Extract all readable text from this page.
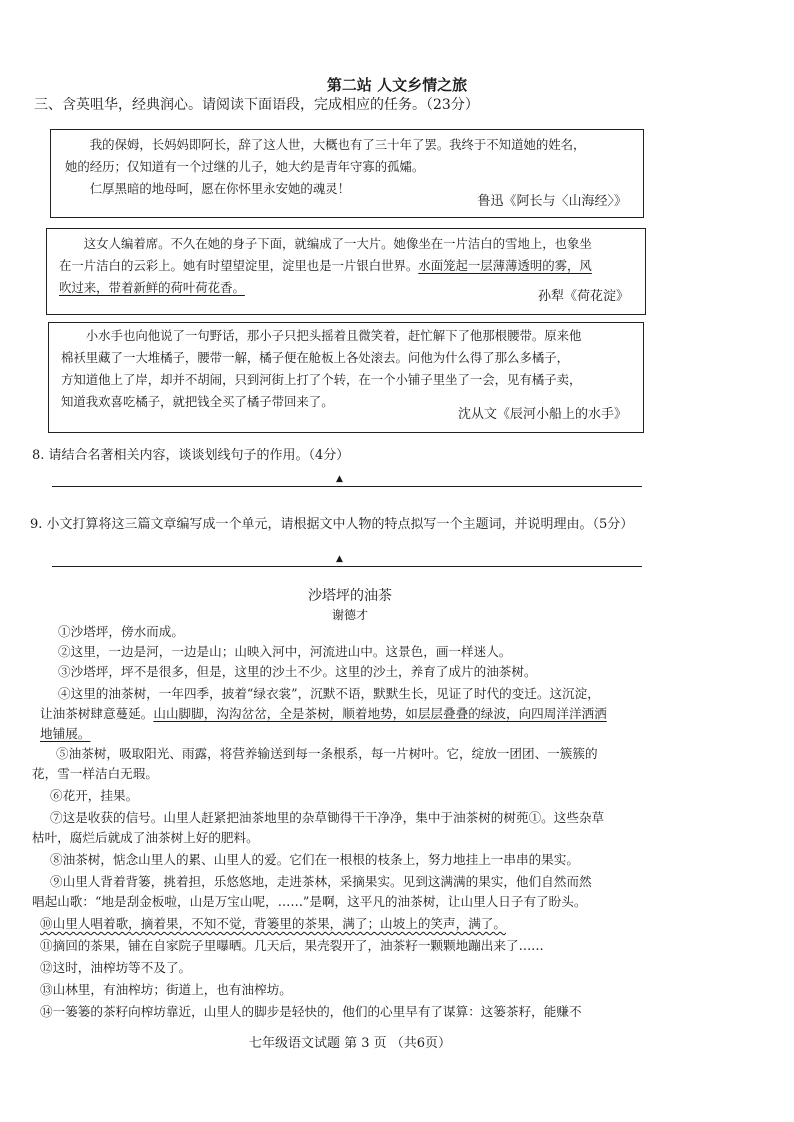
第二站 人文乡情之旅
三、含英咀华，经典润心。请阅读下面语段，完成相应的任务。（23分）

我的保姆，长妈妈即阿长，辞了这人世，大概也有了三十年了罢。我终于不知道她的姓名，

她的经历；仅知道有一个过继的儿子，她大约是青年守寡的孤孀。

仁厚黑暗的地母呵，愿在你怀里永安她的魂灵！

鲁迅《阿长与〈山海经〉》

这女人编着席。不久在她的身子下面，就编成了一大片。她像坐在一片洁白的雪地上，也象坐

在一片洁白的云彩上。她有时望望淀里，淀里也是一片银白世界。水面笼起一层薄薄透明的雾，风

吹过来，带着新鲜的荷叶荷花香。

孙犁《荷花淀》

小水手也向他说了一句野话，那小子只把头摇着且微笑着，赶忙解下了他那根腰带。原来他

棉袄里藏了一大堆橘子，腰带一解，橘子便在舱板上各处滚去。问他为什么得了那么多橘子，

方知道他上了岸，却并不胡闹，只到河街上打了个转，在一个小铺子里坐了一会，见有橘子卖，

知道我欢喜吃橘子，就把钱全买了橘子带回来了。

沈从文《辰河小船上的水手》
8. 请结合名著相关内容，谈谈划线句子的作用。（4分）
▲
9. 小文打算将这三篇文章编写成一个单元，请根据文中人物的特点拟写一个主题词，并说明理由。（5分）
▲
沙塔坪的油茶
谢德才
①沙塔坪，傍水而成。
②这里，一边是河，一边是山；山映入河中，河流进山中。这景色，画一样迷人。
③沙塔坪，坪不是很多，但是，这里的沙土不少。这里的沙土，养育了成片的油茶树。
④这里的油茶树，一年四季，披着“绿衣裳”，沉默不语，默默生长，见证了时代的变迁。这沉淀，
让油茶树肆意蔓延。山山脚脚，沟沟岔岔，全是茶树，顺着地势，如层层叠叠的绿波，向四周洋洋洒洒
地铺展。
⑤油茶树，吸取阳光、雨露，将营养输送到每一条根系，每一片树叶。它，绽放一团团、一簇簇的
花，雪一样洁白无瑕。
⑥花开，挂果。
⑦这是收获的信号。山里人赶紧把油茶地里的杂草锄得干干净净，集中于油茶树的树蔸①。这些杂草
枯叶，腐烂后就成了油茶树上好的肥料。
⑧油茶树，惦念山里人的累、山里人的爱。它们在一根根的枝条上，努力地挂上一串串的果实。
⑨山里人背着背篓，挑着担，乐悠悠地，走进茶林，采摘果实。见到这满满的果实，他们自然而然
唱起山歌：“地是刮金板啦，山是万宝山呢，……”是啊，这平凡的油茶树，让山里人日子有了盼头。
⑩山里人唱着歌，摘着果，不知不觉，背篓里的茶果，满了；山坡上的笑声，满了。
⑪摘回的茶果，铺在自家院子里曝晒。几天后，果壳裂开了，油茶籽一颗颗地蹦出来了……
⑫这时，油榨坊等不及了。
⑬山林里，有油榨坊；街道上，也有油榨坊。
⑭一篓篓的茶籽向榨坊靠近，山里人的脚步是轻快的，他们的心里早有了谋算：这篓茶籽，能赚不
七年级语文试题 第 3 页 （共6页）
